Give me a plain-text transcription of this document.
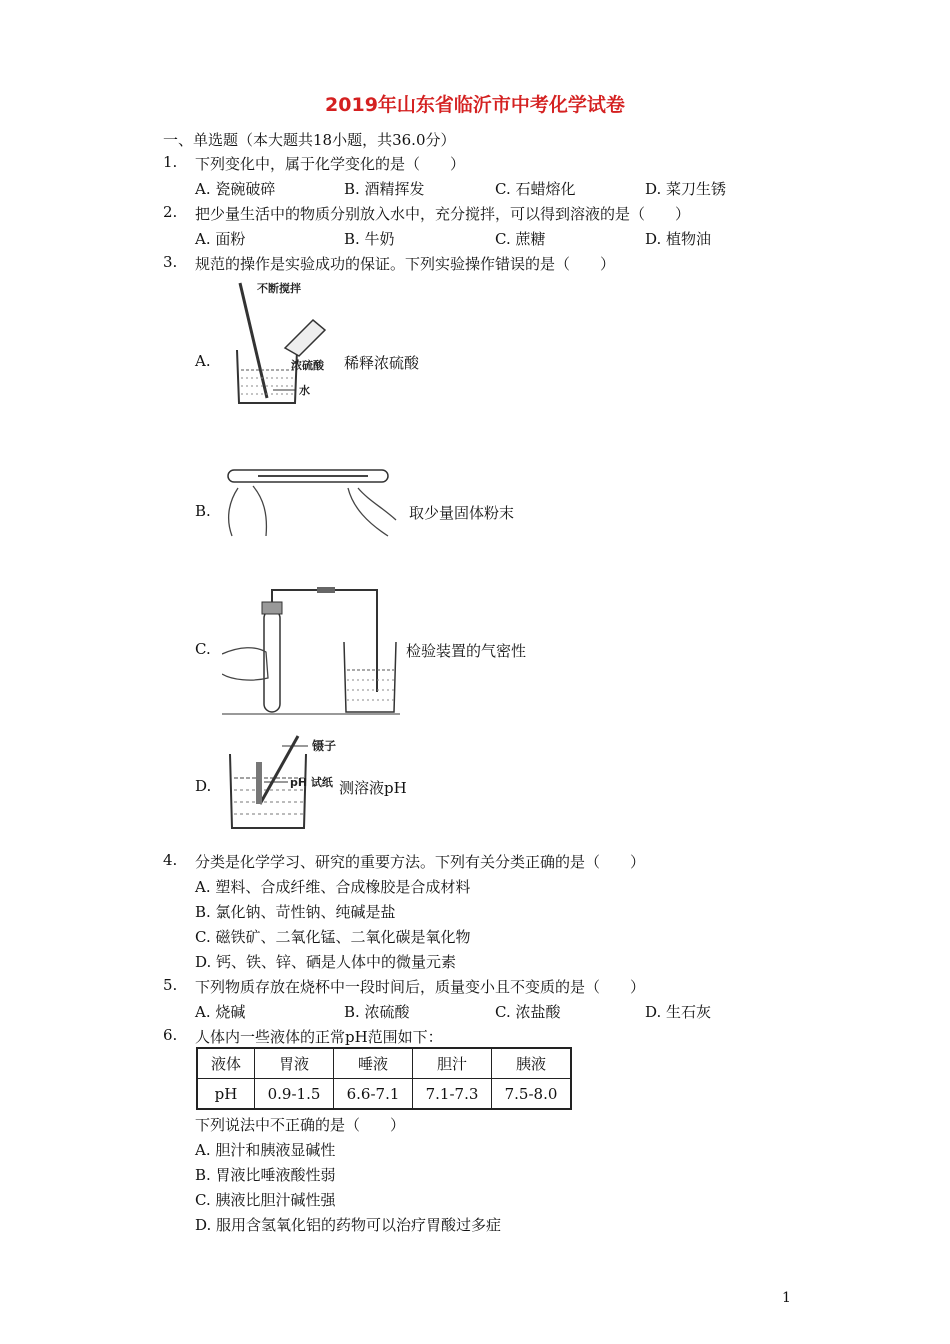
2019年山东省临沂市中考化学试卷
一、单选题（本大题共18小题，共36.0分）
1. 下列变化中，属于化学变化的是（　　）
A. 瓷碗破碎	B. 酒精挥发	C. 石蜡熔化	D. 菜刀生锈
2. 把少量生活中的物质分别放入水中，充分搅拌，可以得到溶液的是（　　）
A. 面粉	B. 牛奶	C. 蔗糖	D. 植物油
3. 规范的操作是实验成功的保证。下列实验操作错误的是（　　）
A.
不断搅拌
浓硫酸
水
稀释浓硫酸
B.	取少量固体粉末
C.	检验装置的气密性
D.
镊子
pH 试纸 测溶液pH
4. 分类是化学学习、研究的重要方法。下列有关分类正确的是（　　）
A. 塑料、合成纤维、合成橡胶是合成材料
B. 氯化钠、苛性钠、纯碱是盐
C. 磁铁矿、二氧化锰、二氧化碳是氧化物
D. 钙、铁、锌、硒是人体中的微量元素
5. 下列物质存放在烧杯中一段时间后，质量变小且不变质的是（　　）
A. 烧碱	B. 浓硫酸	C. 浓盐酸	D. 生石灰
6. 人体内一些液体的正常pH范围如下：
液体	胃液	唾液	胆汁	胰液
pH	0.9-1.5	6.6-7.1	7.1-7.3	7.5-8.0
下列说法中不正确的是（　　）
A. 胆汁和胰液显碱性
B. 胃液比唾液酸性弱
C. 胰液比胆汁碱性强
D. 服用含氢氧化铝的药物可以治疗胃酸过多症
1
